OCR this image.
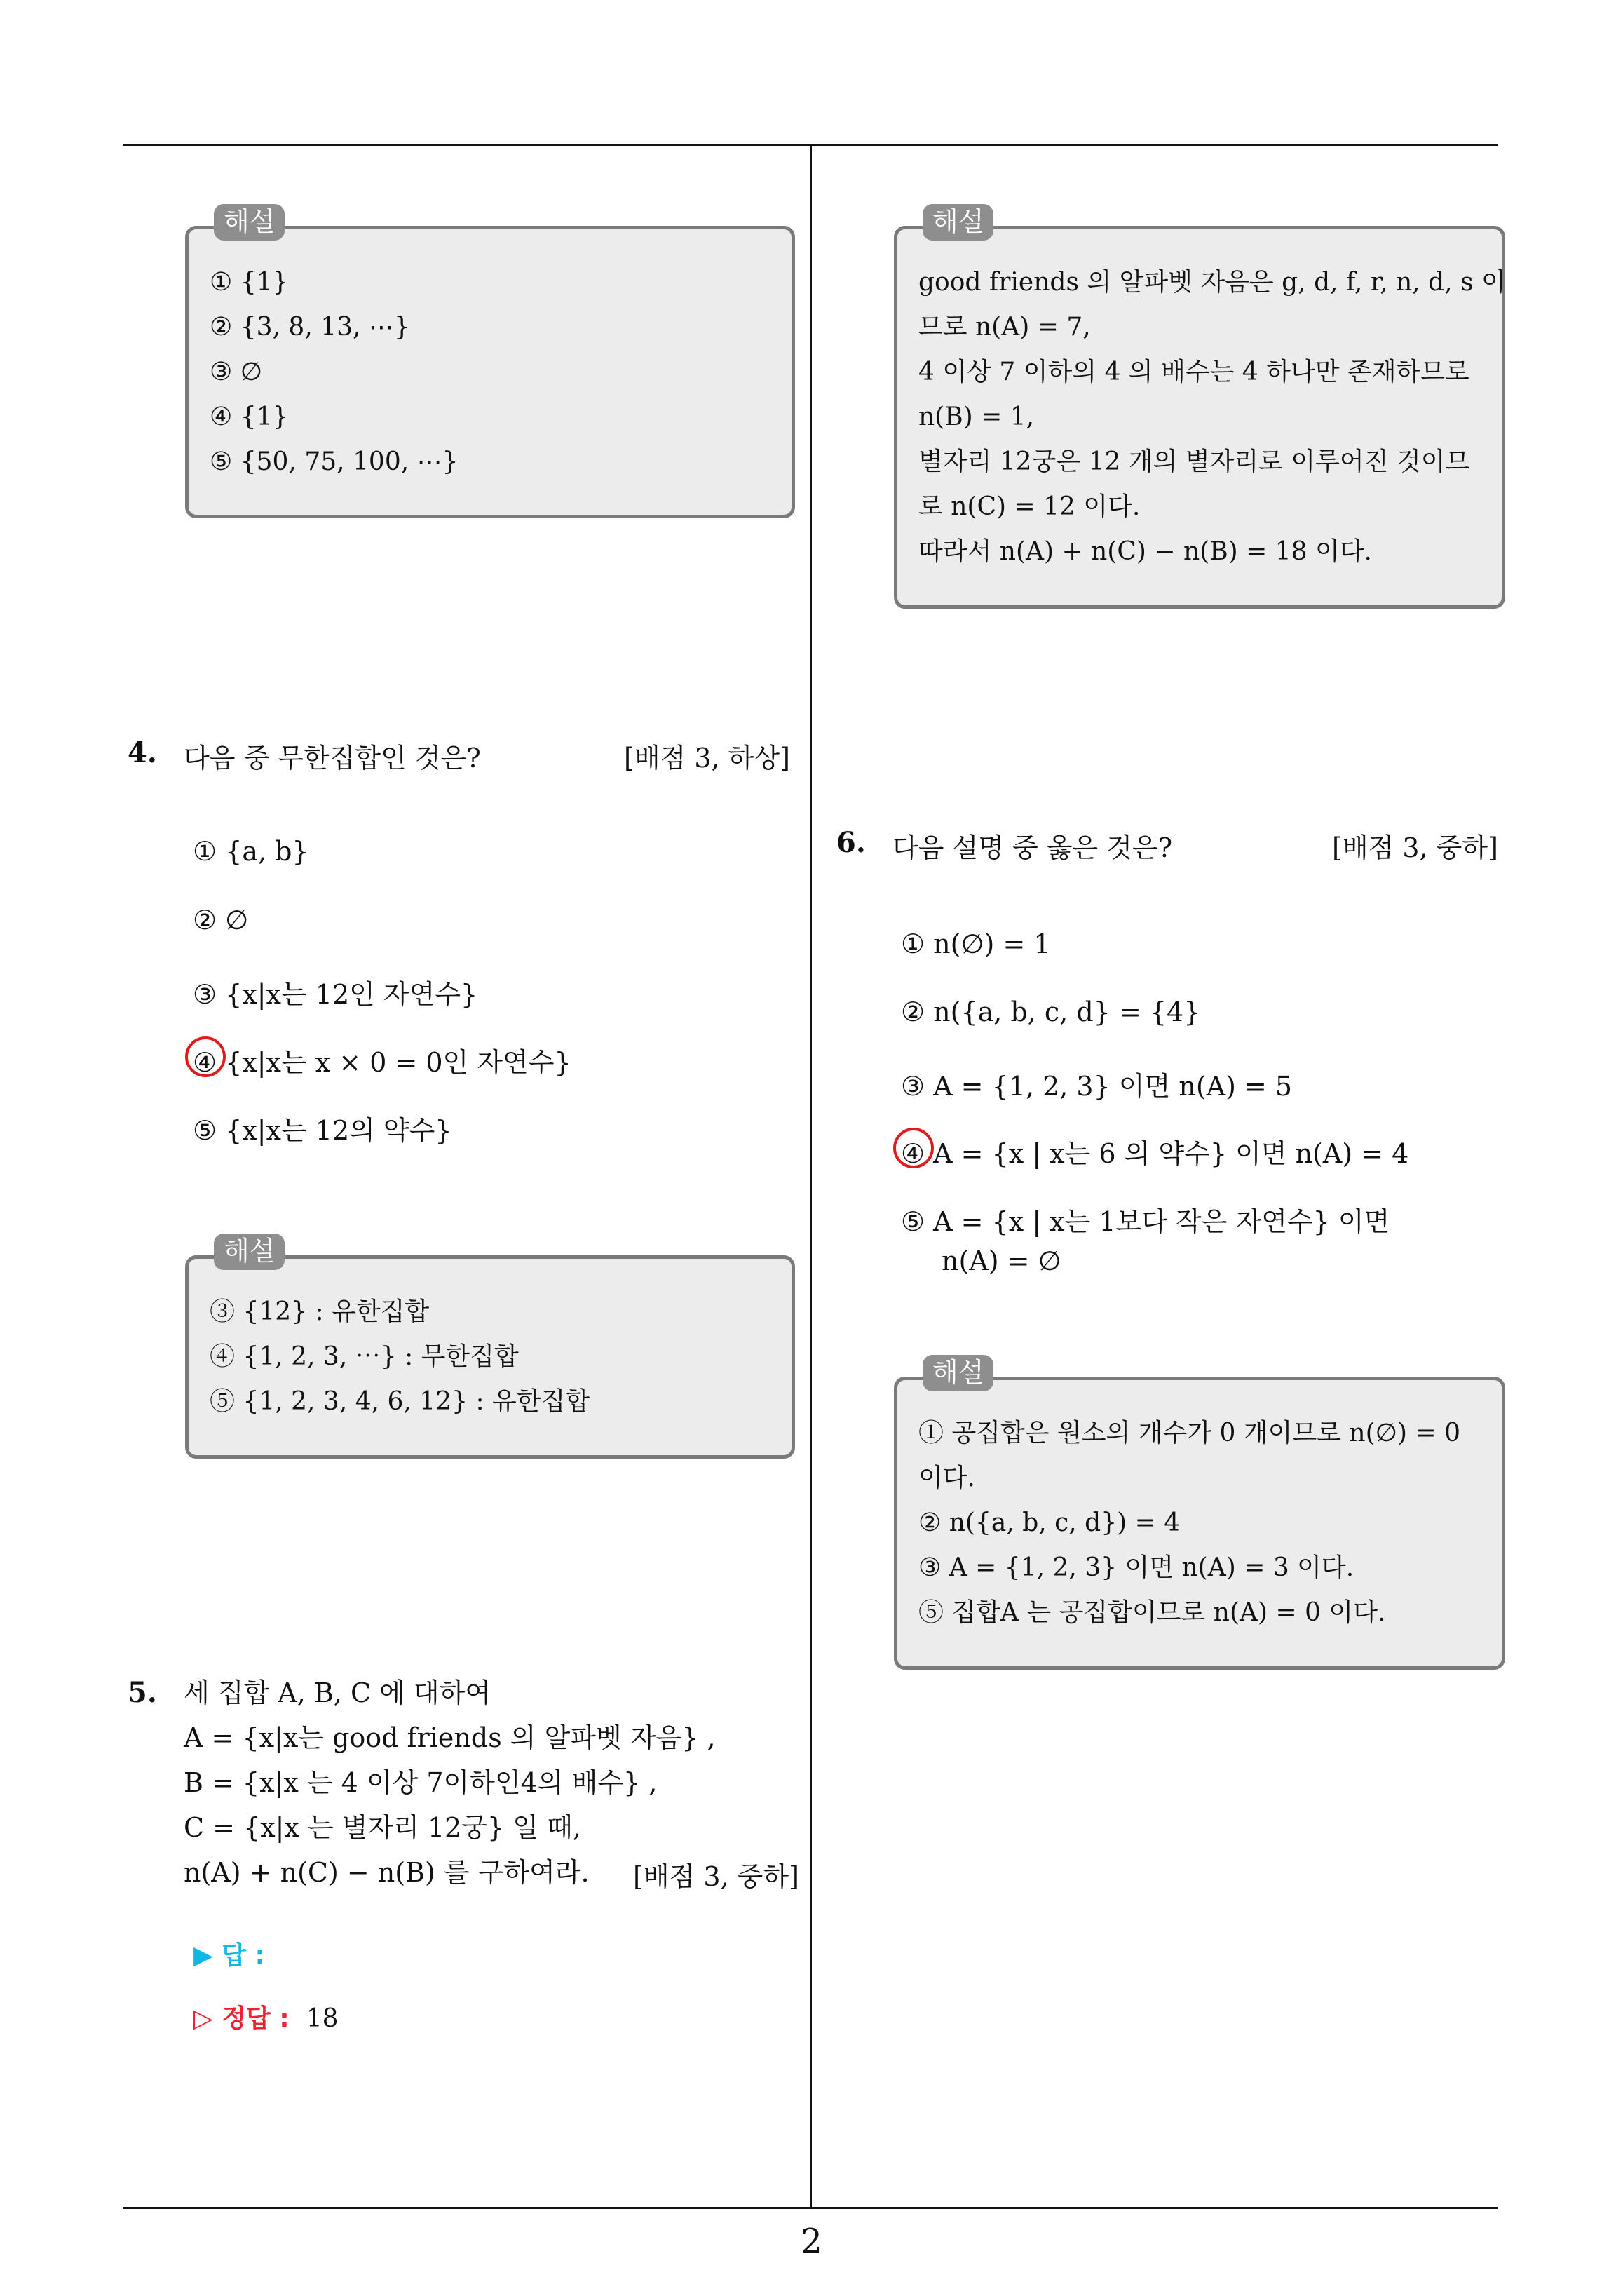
해설
① {1}
② {3, 8, 13, ⋯}
③ ∅
④ {1}
⑤ {50, 75, 100, ⋯}
4. 다음 중 무한집합인 것은?	[배점 3, 하상]
① {a, b}
② ∅
③ {x|x는 12인 자연수}
④ {x|x는 x × 0 = 0인 자연수}
⑤ {x|x는 12의 약수}
해설
③ {12} : 유한집합
④ {1, 2, 3, ⋯} : 무한집합
⑤ {1, 2, 3, 4, 6, 12} : 유한집합
5. 세 집합 A, B, C 에 대하여
A = {x|x는 good friends 의 알파벳 자음} ,
B = {x|x 는 4 이상 7이하인4의 배수} ,
C = {x|x 는 별자리 12궁} 일 때,
n(A) + n(C) − n(B) 를 구하여라.	[배점 3, 중하]
▶ 답 :
▷ 정답 : 18
해설
good friends 의 알파벳 자음은 g, d, f, r, n, d, s 이
므로 n(A) = 7,
4 이상 7 이하의 4 의 배수는 4 하나만 존재하므로
n(B) = 1,
별자리 12궁은 12 개의 별자리로 이루어진 것이므
로 n(C) = 12 이다.
따라서 n(A) + n(C) − n(B) = 18 이다.
6. 다음 설명 중 옳은 것은?	[배점 3, 중하]
① n(∅) = 1
② n({a, b, c, d} = {4}
③ A = {1, 2, 3} 이면 n(A) = 5
④ A = {x | x는 6 의 약수} 이면 n(A) = 4
⑤ A = {x | x는 1보다 작은 자연수} 이면
n(A) = ∅
해설
① 공집합은 원소의 개수가 0 개이므로 n(∅) = 0
이다.
② n({a, b, c, d}) = 4
③ A = {1, 2, 3} 이면 n(A) = 3 이다.
⑤ 집합A 는 공집합이므로 n(A) = 0 이다.
2
